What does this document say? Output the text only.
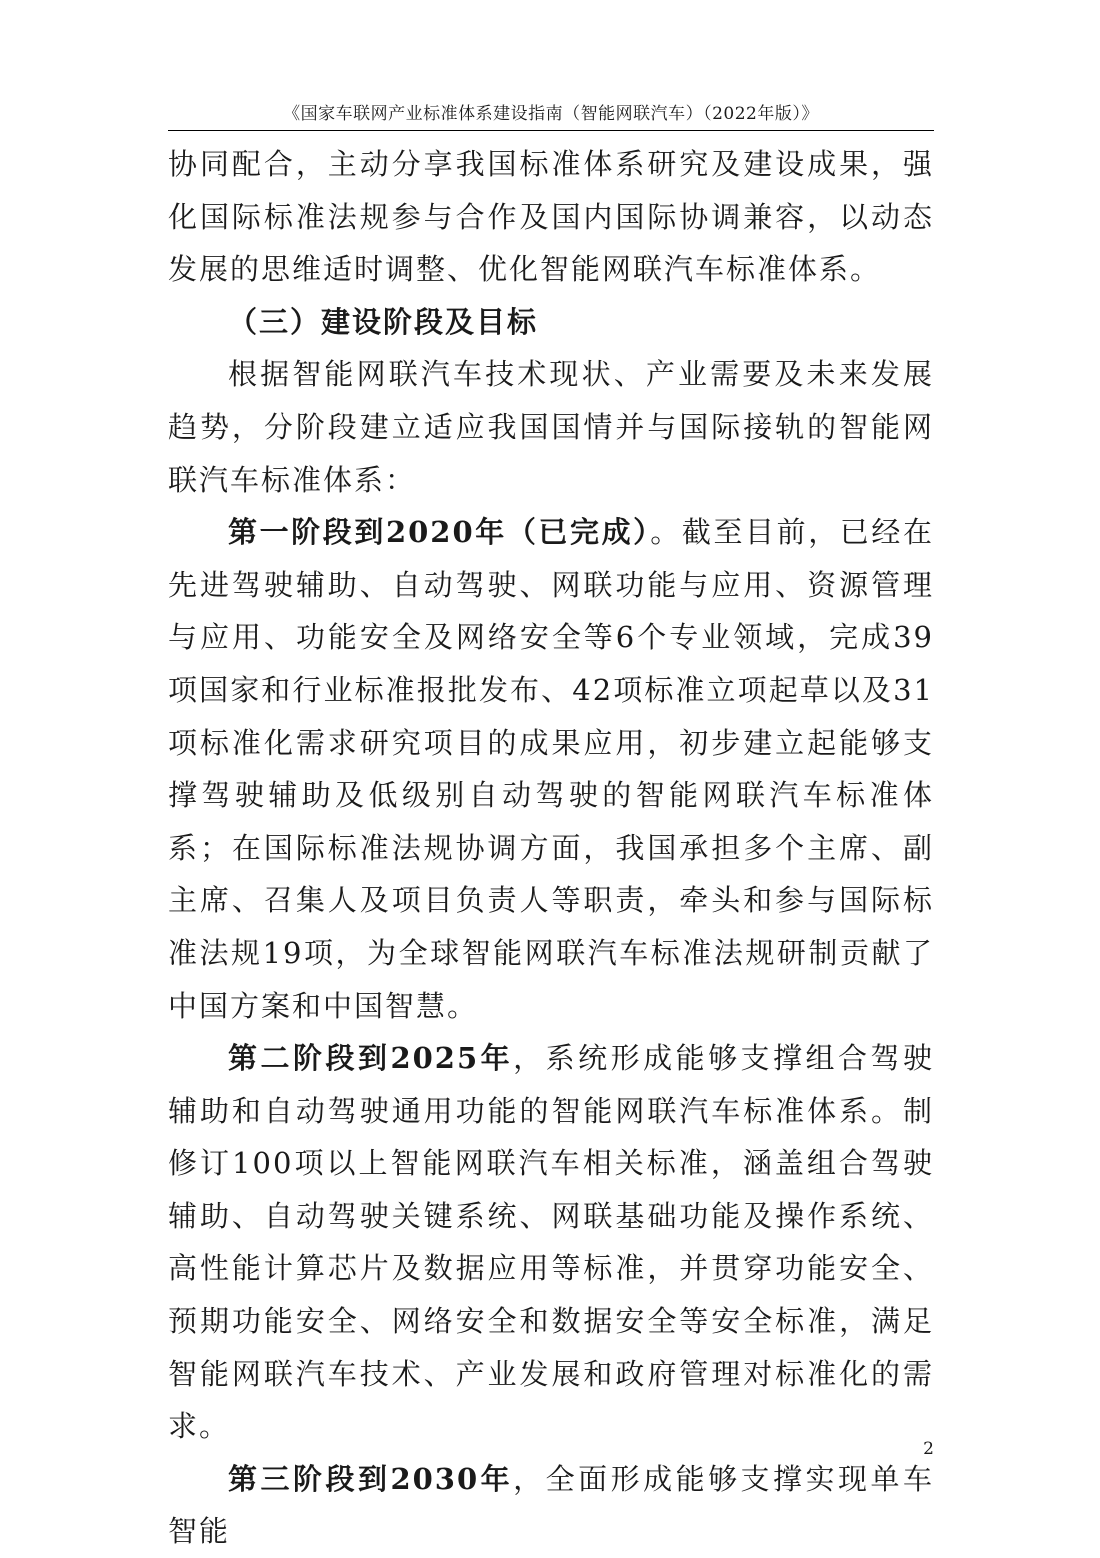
《国家车联网产业标准体系建设指南（智能网联汽车）（2022年版）》

协同配合，主动分享我国标准体系研究及建设成果，强化国际标准法规参与合作及国内国际协调兼容，以动态发展的思维适时调整、优化智能网联汽车标准体系。

（三）建设阶段及目标

根据智能网联汽车技术现状、产业需要及未来发展趋势，分阶段建立适应我国国情并与国际接轨的智能网联汽车标准体系：

第一阶段到2020年（已完成）。截至目前，已经在先进驾驶辅助、自动驾驶、网联功能与应用、资源管理与应用、功能安全及网络安全等6个专业领域，完成39项国家和行业标准报批发布、42项标准立项起草以及31项标准化需求研究项目的成果应用，初步建立起能够支撑驾驶辅助及低级别自动驾驶的智能网联汽车标准体系；在国际标准法规协调方面，我国承担多个主席、副主席、召集人及项目负责人等职责，牵头和参与国际标准法规19项，为全球智能网联汽车标准法规研制贡献了中国方案和中国智慧。

第二阶段到2025年，系统形成能够支撑组合驾驶辅助和自动驾驶通用功能的智能网联汽车标准体系。制修订100项以上智能网联汽车相关标准，涵盖组合驾驶辅助、自动驾驶关键系统、网联基础功能及操作系统、高性能计算芯片及数据应用等标准，并贯穿功能安全、预期功能安全、网络安全和数据安全等安全标准，满足智能网联汽车技术、产业发展和政府管理对标准化的需求。

第三阶段到2030年，全面形成能够支撑实现单车智能

2
